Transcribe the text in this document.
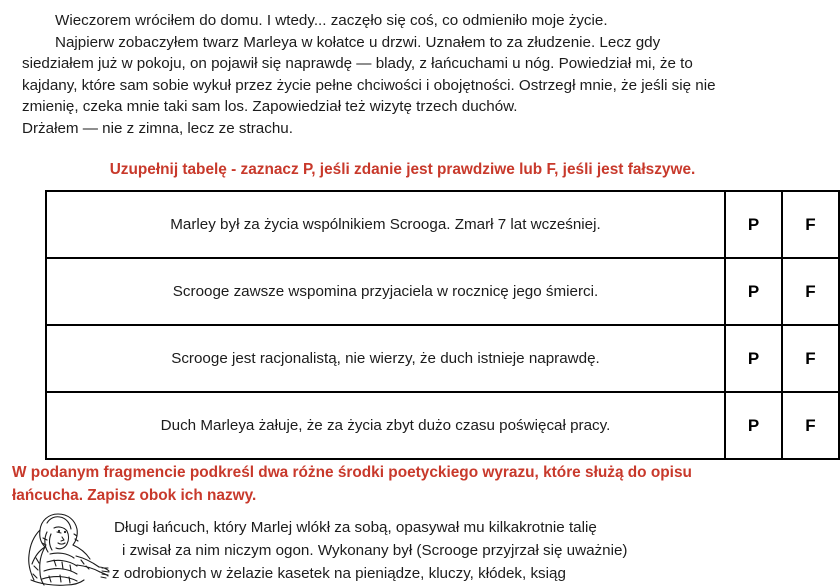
Wieczorem wróciłem do domu. I wtedy... zaczęło się coś, co odmieniło moje życie.
Najpierw zobaczyłem twarz Marleya w kołatce u drzwi. Uznałem to za złudzenie. Lecz gdy
siedziałem już w pokoju, on pojawił się naprawdę — blady, z łańcuchami u nóg. Powiedział mi, że to
kajdany, które sam sobie wykuł przez życie pełne chciwości i obojętności. Ostrzegł mnie, że jeśli się nie
zmienię, czeka mnie taki sam los. Zapowiedział też wizytę trzech duchów.
Drżałem — nie z zimna, lecz ze strachu.
Uzupełnij tabelę - zaznacz P, jeśli zdanie jest prawdziwe lub F, jeśli jest fałszywe.
Marley był za życia wspólnikiem Scrooga. Zmarł 7 lat wcześniej.	P	F
Scrooge zawsze wspomina przyjaciela w rocznicę jego śmierci.	P	F
Scrooge jest racjonalistą, nie wierzy, że duch istnieje naprawdę.	P	F
Duch Marleya żałuje, że za życia zbyt dużo czasu poświęcał pracy.	P	F
W podanym fragmencie podkreśl dwa różne środki poetyckiego wyrazu, które służą do opisu
łańcucha. Zapisz obok ich nazwy.
Długi łańcuch, który Marlej wlókł za sobą, opasywał mu kilkakrotnie talię
i zwisał za nim niczym ogon. Wykonany był (Scrooge przyjrzał się uważnie)
z odrobionych w żelazie kasetek na pieniądze, kluczy, kłódek, ksiąg
